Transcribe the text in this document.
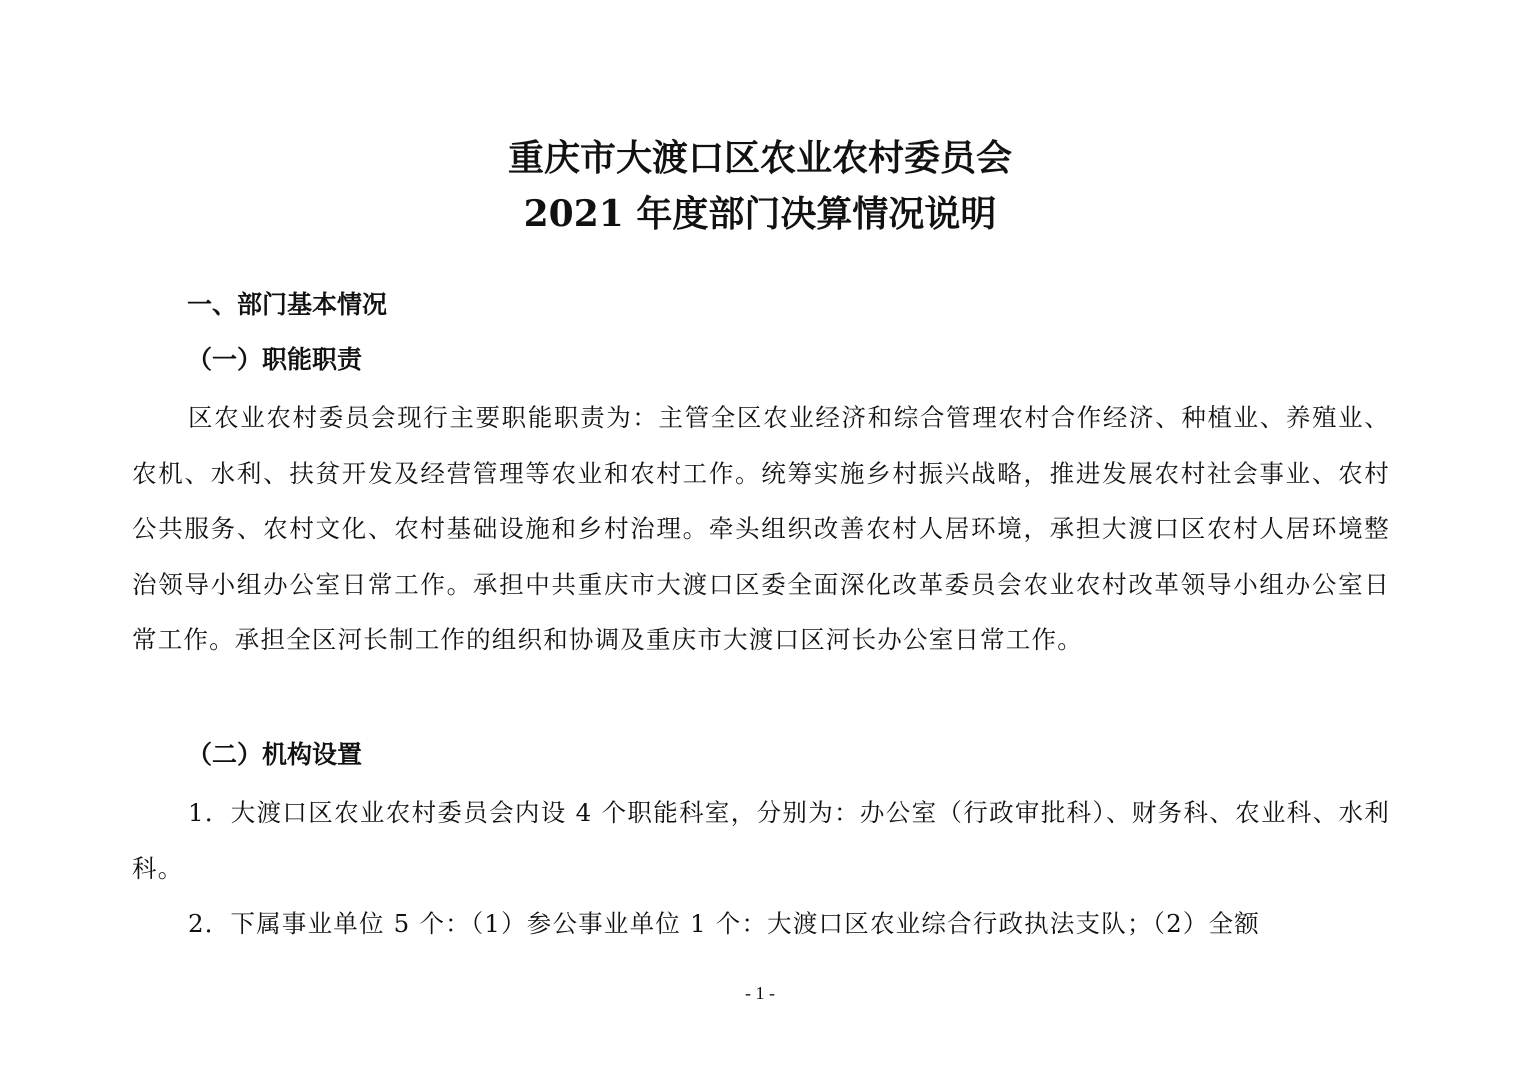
重庆市大渡口区农业农村委员会
2021 年度部门决算情况说明
一、部门基本情况
（一）职能职责

区农业农村委员会现行主要职能职责为：主管全区农业经济和综合管理农村合作经济、种植业、养殖业、农机、水利、扶贫开发及经营管理等农业和农村工作。统筹实施乡村振兴战略，推进发展农村社会事业、农村公共服务、农村文化、农村基础设施和乡村治理。牵头组织改善农村人居环境，承担大渡口区农村人居环境整治领导小组办公室日常工作。承担中共重庆市大渡口区委全面深化改革委员会农业农村改革领导小组办公室日常工作。承担全区河长制工作的组织和协调及重庆市大渡口区河长办公室日常工作。

（二）机构设置

1．大渡口区农业农村委员会内设 4 个职能科室，分别为：办公室（行政审批科）、财务科、农业科、水利科。

2．下属事业单位 5 个：（1）参公事业单位 1 个：大渡口区农业综合行政执法支队；（2）全额

- 1 -
